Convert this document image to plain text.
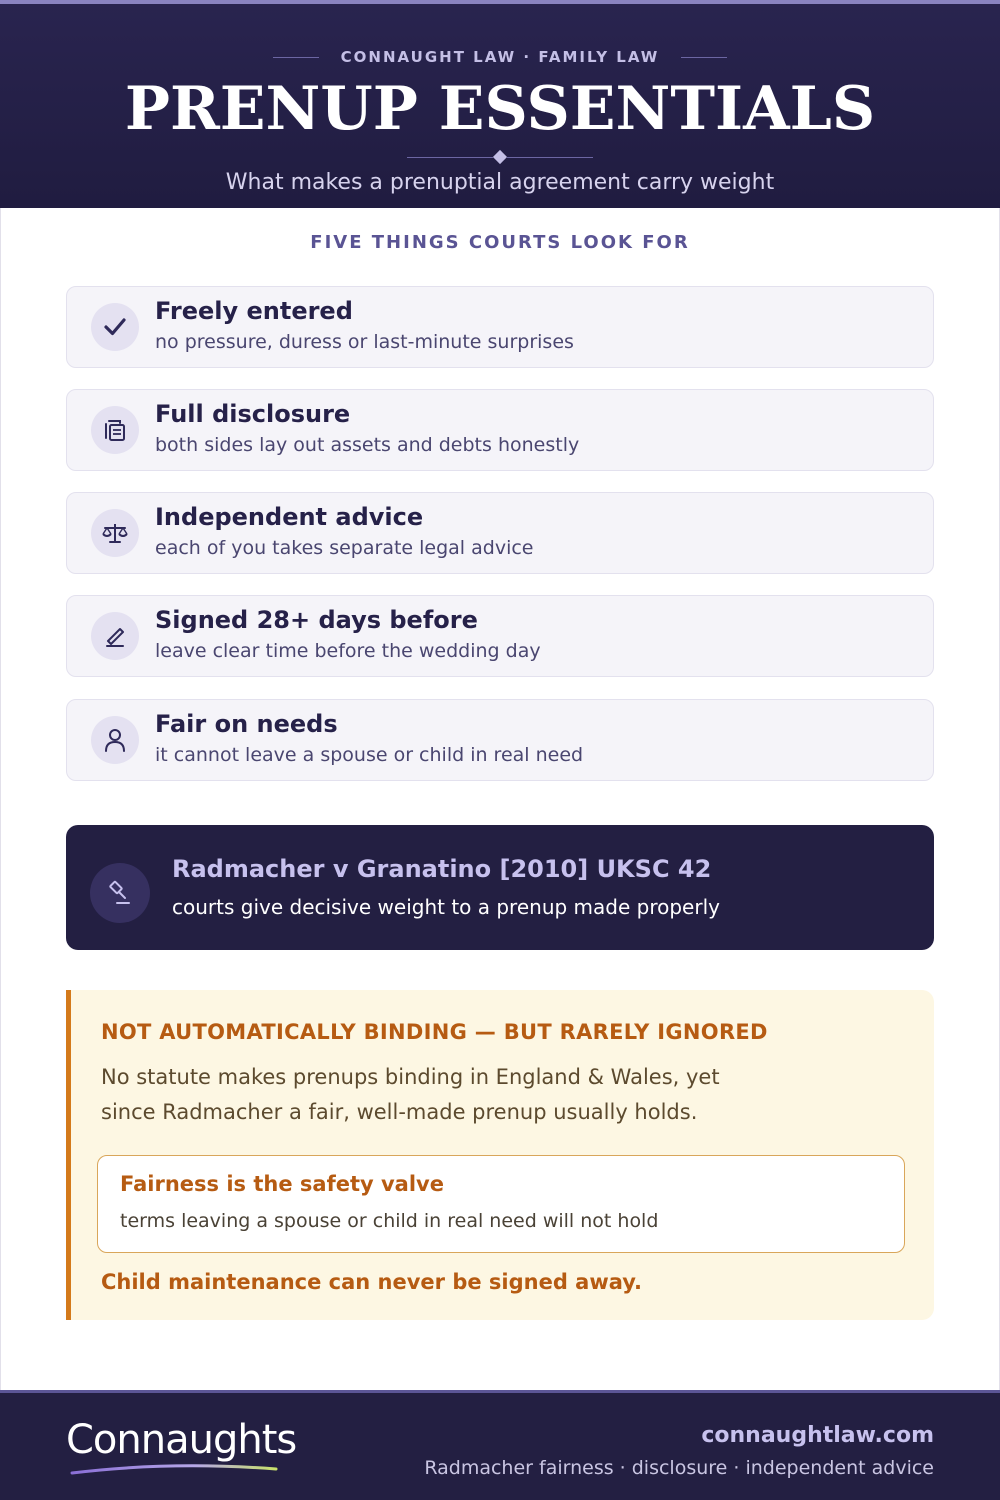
CONNAUGHT LAW · FAMILY LAW
PRENUP ESSENTIALS
What makes a prenuptial agreement carry weight
FIVE THINGS COURTS LOOK FOR
Freely entered
no pressure, duress or last-minute surprises
Full disclosure
both sides lay out assets and debts honestly
Independent advice
each of you takes separate legal advice
Signed 28+ days before
leave clear time before the wedding day
Fair on needs
it cannot leave a spouse or child in real need
Radmacher v Granatino [2010] UKSC 42
courts give decisive weight to a prenup made properly
NOT AUTOMATICALLY BINDING — BUT RARELY IGNORED
No statute makes prenups binding in England & Wales, yet
since Radmacher a fair, well-made prenup usually holds.
Fairness is the safety valve
terms leaving a spouse or child in real need will not hold
Child maintenance can never be signed away.
Connaughts	connaughtlaw.com
Radmacher fairness · disclosure · independent advice
